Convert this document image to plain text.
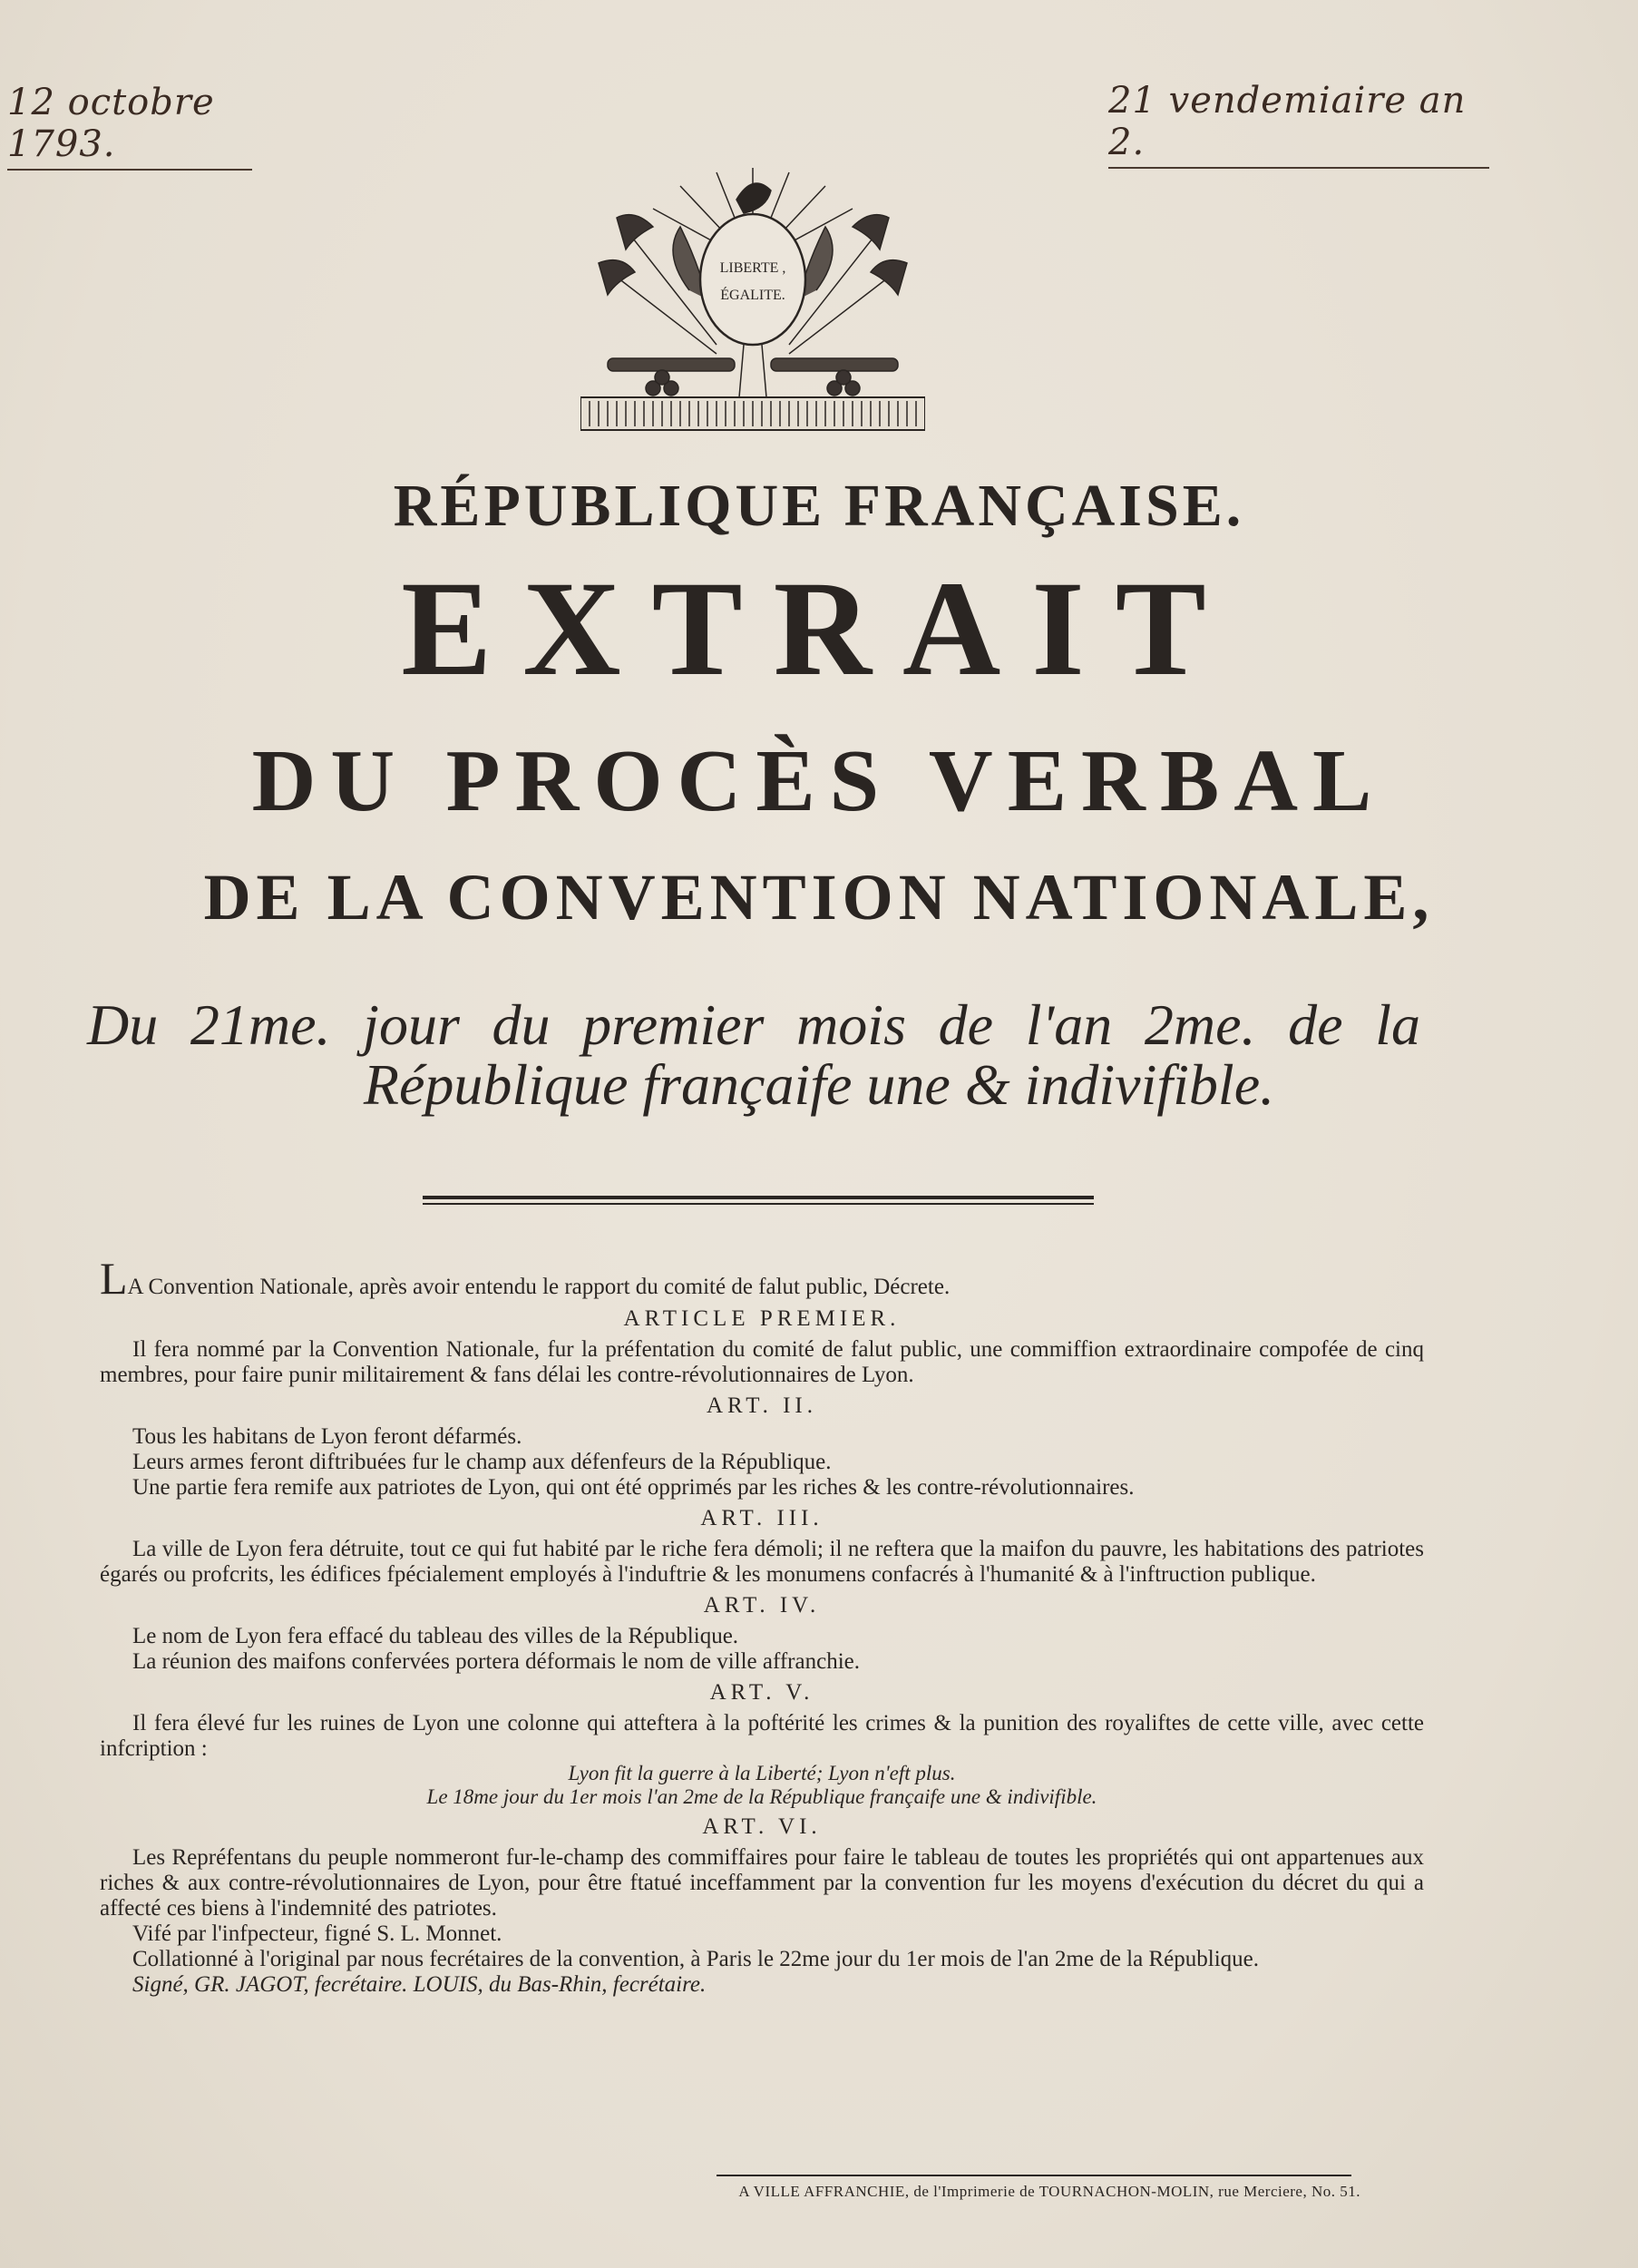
12 octobre 1793.
21 vendemiaire an 2.
LIBERTE ,
ÉGALITE.
RÉPUBLIQUE FRANÇAISE.
EXTRAIT
DU PROCÈS VERBAL
DE LA CONVENTION NATIONALE,
Du 21me. jour du premier mois de l'an 2me. de la
République françaife une & indivifible.
LA Convention Nationale, après avoir entendu le rapport du comité de falut public, Décrete.
ARTICLE PREMIER.
Il fera nommé par la Convention Nationale, fur la préfentation du comité de falut public, une commiffion extraordinaire compofée de cinq membres, pour faire punir militairement & fans délai les contre-révolutionnaires de Lyon.
ART. II.
Tous les habitans de Lyon feront défarmés.
Leurs armes feront diftribuées fur le champ aux défenfeurs de la République.
Une partie fera remife aux patriotes de Lyon, qui ont été opprimés par les riches & les contre-révolutionnaires.
ART. III.
La ville de Lyon fera détruite, tout ce qui fut habité par le riche fera démoli; il ne reftera que la maifon du pauvre, les habitations des patriotes égarés ou profcrits, les édifices fpécialement employés à l'induftrie & les monumens confacrés à l'humanité & à l'inftruction publique.
ART. IV.
Le nom de Lyon fera effacé du tableau des villes de la République.
La réunion des maifons confervées portera déformais le nom de ville affranchie.
ART. V.
Il fera élevé fur les ruines de Lyon une colonne qui atteftera à la poftérité les crimes & la punition des royaliftes de cette ville, avec cette infcription :
Lyon fit la guerre à la Liberté; Lyon n'eft plus.
Le 18me jour du 1er mois l'an 2me de la République françaife une & indivifible.
ART. VI.
Les Repréfentans du peuple nommeront fur-le-champ des commiffaires pour faire le tableau de toutes les propriétés qui ont appartenues aux riches & aux contre-révolutionnaires de Lyon, pour être ftatué inceffamment par la convention fur les moyens d'exécution du décret du qui a affecté ces biens à l'indemnité des patriotes.
Vifé par l'infpecteur, figné S. L. Monnet.
Collationné à l'original par nous fecrétaires de la convention, à Paris le 22me jour du 1er mois de l'an 2me de la République.
Signé, GR. JAGOT, fecrétaire. LOUIS, du Bas-Rhin, fecrétaire.
A VILLE AFFRANCHIE, de l'Imprimerie de TOURNACHON-MOLIN, rue Merciere, No. 51.
